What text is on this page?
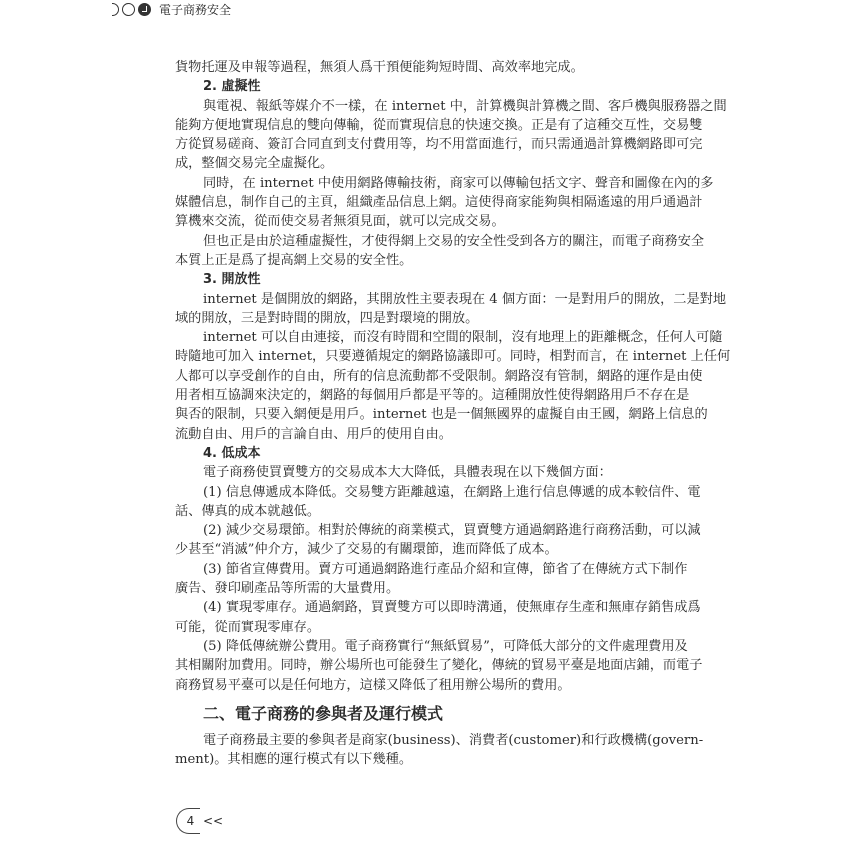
電子商務安全
貨物托運及申報等過程，無須人爲干預便能夠短時間、高效率地完成。
2. 虛擬性
與電視、報紙等媒介不一樣，在 internet 中，計算機與計算機之間、客戶機與服務器之間
能夠方便地實現信息的雙向傳輸，從而實現信息的快速交換。正是有了這種交互性，交易雙
方從貿易磋商、簽訂合同直到支付費用等，均不用當面進行，而只需通過計算機網路即可完
成，整個交易完全虛擬化。
同時，在 internet 中使用網路傳輸技術，商家可以傳輸包括文字、聲音和圖像在內的多
媒體信息，制作自己的主頁，組織產品信息上網。這使得商家能夠與相隔遙遠的用戶通過計
算機來交流，從而使交易者無須見面，就可以完成交易。
但也正是由於這種虛擬性，才使得網上交易的安全性受到各方的關注，而電子商務安全
本質上正是爲了提高網上交易的安全性。
3. 開放性
internet 是個開放的網路，其開放性主要表現在 4 個方面：一是對用戶的開放，二是對地
域的開放，三是對時間的開放，四是對環境的開放。
internet 可以自由連接，而沒有時間和空間的限制，沒有地理上的距離概念，任何人可隨
時隨地可加入 internet，只要遵循規定的網路協議即可。同時，相對而言，在 internet 上任何
人都可以享受創作的自由，所有的信息流動都不受限制。網路沒有管制，網路的運作是由使
用者相互協調來決定的，網路的每個用戶都是平等的。這種開放性使得網路用戶不存在是
與否的限制，只要入網便是用戶。internet 也是一個無國界的虛擬自由王國，網路上信息的
流動自由、用戶的言論自由、用戶的使用自由。
4. 低成本
電子商務使買賣雙方的交易成本大大降低，具體表現在以下幾個方面：
(1) 信息傳遞成本降低。交易雙方距離越遠，在網路上進行信息傳遞的成本較信件、電
話、傳真的成本就越低。
(2) 減少交易環節。相對於傳統的商業模式，買賣雙方通過網路進行商務活動，可以減
少甚至“消滅”仲介方，減少了交易的有關環節，進而降低了成本。
(3) 節省宣傳費用。賣方可通過網路進行產品介紹和宣傳，節省了在傳統方式下制作
廣告、發印刷產品等所需的大量費用。
(4) 實現零庫存。通過網路，買賣雙方可以即時溝通，使無庫存生產和無庫存銷售成爲
可能，從而實現零庫存。
(5) 降低傳統辦公費用。電子商務實行“無紙貿易”，可降低大部分的文件處理費用及
其相關附加費用。同時，辦公場所也可能發生了變化，傳統的貿易平臺是地面店鋪，而電子
商務貿易平臺可以是任何地方，這樣又降低了租用辦公場所的費用。
二、電子商務的參與者及運行模式
電子商務最主要的參與者是商家(business)、消費者(customer)和行政機構(govern-
ment)。其相應的運行模式有以下幾種。
4 <<
